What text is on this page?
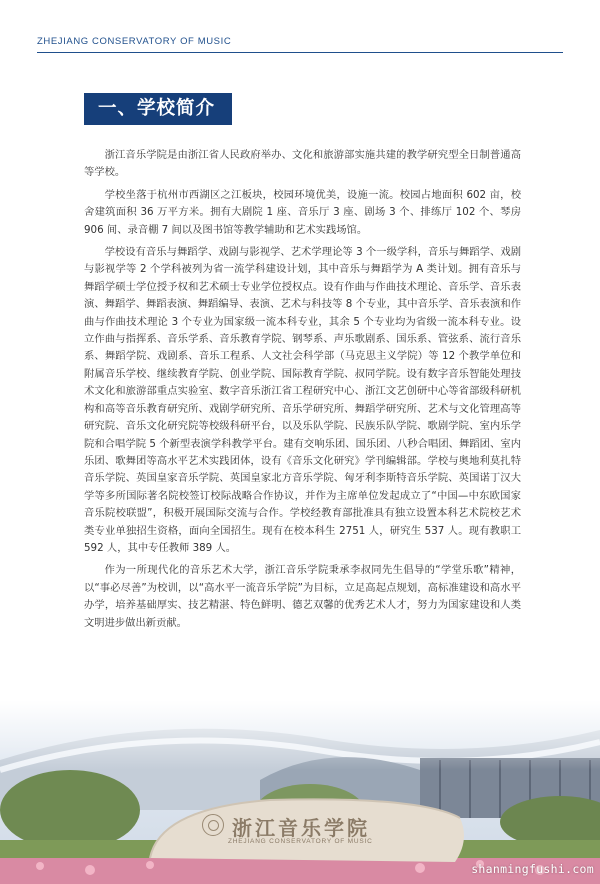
ZHEJIANG CONSERVATORY OF MUSIC
一、学校简介

浙江音乐学院是由浙江省人民政府举办、文化和旅游部实施共建的教学研究型全日制普通高等学校。

学校坐落于杭州市西湖区之江板块，校园环境优美，设施一流。校园占地面积 602 亩，校舍建筑面积 36 万平方米。拥有大剧院 1 座、音乐厅 3 座、剧场 3 个、排练厅 102 个、琴房 906 间、录音棚 7 间以及图书馆等教学辅助和艺术实践场馆。

学校设有音乐与舞蹈学、戏剧与影视学、艺术学理论等 3 个一级学科，音乐与舞蹈学、戏剧与影视学等 2 个学科被列为省一流学科建设计划，其中音乐与舞蹈学为 A 类计划。拥有音乐与舞蹈学硕士学位授予权和艺术硕士专业学位授权点。设有作曲与作曲技术理论、音乐学、音乐表演、舞蹈学、舞蹈表演、舞蹈编导、表演、艺术与科技等 8 个专业，其中音乐学、音乐表演和作曲与作曲技术理论 3 个专业为国家级一流本科专业，其余 5 个专业均为省级一流本科专业。设立作曲与指挥系、音乐学系、音乐教育学院、钢琴系、声乐歌剧系、国乐系、管弦系、流行音乐系、舞蹈学院、戏剧系、音乐工程系、人文社会科学部（马克思主义学院）等 12 个教学单位和附属音乐学校、继续教育学院、创业学院、国际教育学院、叔同学院。设有数字音乐智能处理技术文化和旅游部重点实验室、数字音乐浙江省工程研究中心、浙江文艺创研中心等省部级科研机构和高等音乐教育研究所、戏剧学研究所、音乐学研究所、舞蹈学研究所、艺术与文化管理高等研究院、音乐文化研究院等校级科研平台，以及乐队学院、民族乐队学院、歌剧学院、室内乐学院和合唱学院 5 个新型表演学科教学平台。建有交响乐团、国乐团、八秒合唱团、舞蹈团、室内乐团、歌舞团等高水平艺术实践团体，设有《音乐文化研究》学刊编辑部。学校与奥地利莫扎特音乐学院、英国皇家音乐学院、英国皇家北方音乐学院、匈牙利李斯特音乐学院、英国诺丁汉大学等多所国际著名院校签订校际战略合作协议，并作为主席单位发起成立了“中国—中东欧国家音乐院校联盟”，积极开展国际交流与合作。学校经教育部批准具有独立设置本科艺术院校艺术类专业单独招生资格，面向全国招生。现有在校本科生 2751 人，研究生 537 人。现有教职工 592 人，其中专任教师 389 人。

作为一所现代化的音乐艺术大学，浙江音乐学院秉承李叔同先生倡导的“学堂乐歌”精神，以“事必尽善”为校训，以“高水平一流音乐学院”为目标，立足高起点规划，高标准建设和高水平办学，培养基础厚实、技艺精湛、特色鲜明、德艺双馨的优秀艺术人才，努力为国家建设和人类文明进步做出新贡献。

浙江音乐学院
ZHEJIANG CONSERVATORY OF MUSIC
shanmingfushi.com
